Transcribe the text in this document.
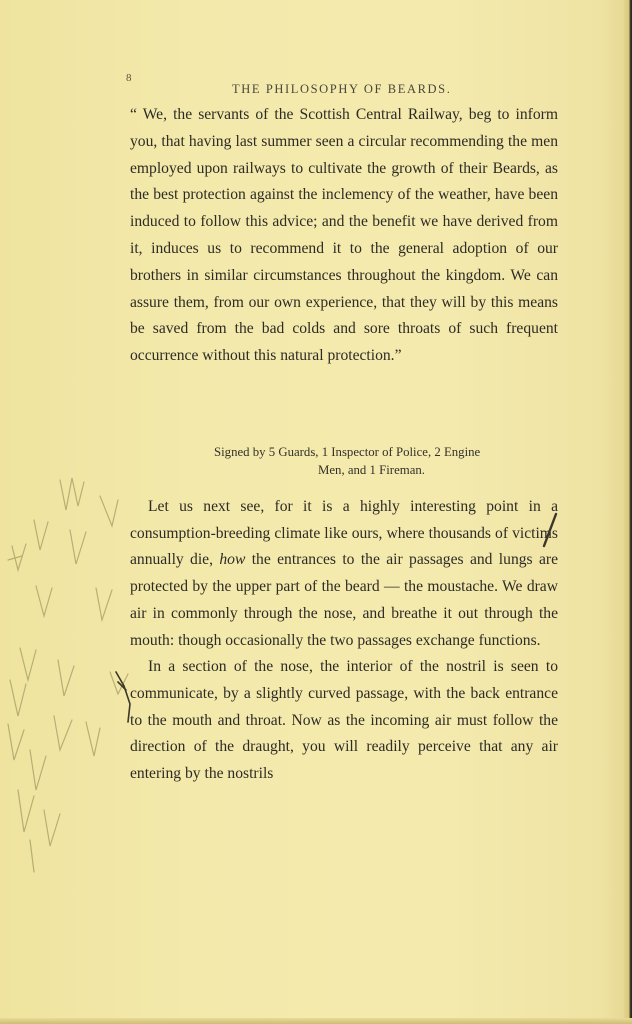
8
THE PHILOSOPHY OF BEARDS.

“ We, the servants of the Scottish Central Railway, beg to inform you, that having last summer seen a circular recommending the men employed upon railways to cultivate the growth of their Beards, as the best protection against the inclemency of the weather, have been induced to follow this advice; and the benefit we have derived from it, induces us to recommend it to the general adoption of our brothers in similar circumstances throughout the kingdom. We can assure them, from our own experience, that they will by this means be saved from the bad colds and sore throats of such frequent occurrence without this natural protection.”

Signed by 5 Guards, 1 Inspector of Police, 2 Engine
Men, and 1 Fireman.

Let us next see, for it is a highly interesting point in a consumption-breeding climate like ours, where thousands of victims annually die, how the entrances to the air passages and lungs are protected by the upper part of the beard — the moustache. We draw air in commonly through the nose, and breathe it out through the mouth: though occasionally the two passages exchange functions.

In a section of the nose, the interior of the nostril is seen to communicate, by a slightly curved passage, with the back entrance to the mouth and throat. Now as the incoming air must follow the direction of the draught, you will readily perceive that any air entering by the nostrils
